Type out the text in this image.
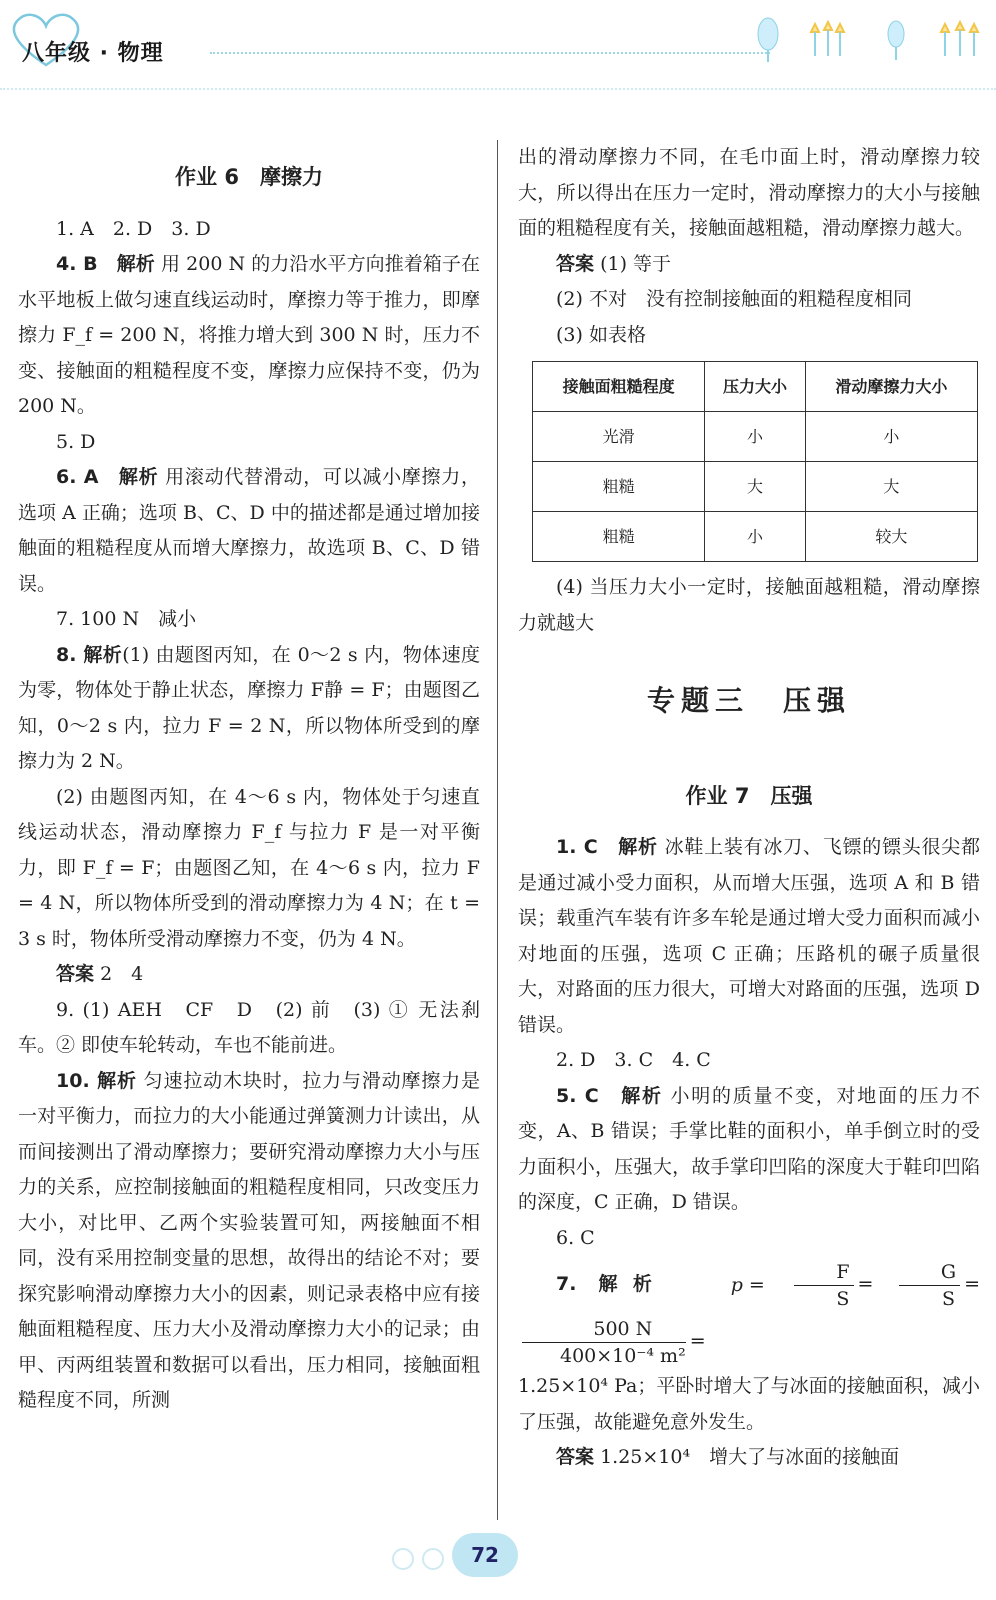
八年级 · 物理
作业 6　摩擦力

1. A　2. D　3. D

4. B　解析 用 200 N 的力沿水平方向推着箱子在水平地板上做匀速直线运动时，摩擦力等于推力，即摩擦力 F_f = 200 N，将推力增大到 300 N 时，压力不变、接触面的粗糙程度不变，摩擦力应保持不变，仍为 200 N。

5. D

6. A　解析 用滚动代替滑动，可以减小摩擦力，选项 A 正确；选项 B、C、D 中的描述都是通过增加接触面的粗糙程度从而增大摩擦力，故选项 B、C、D 错误。

7. 100 N　减小

8. 解析(1) 由题图丙知，在 0～2 s 内，物体速度为零，物体处于静止状态，摩擦力 F静 = F；由题图乙知，0～2 s 内，拉力 F = 2 N，所以物体所受到的摩擦力为 2 N。

(2) 由题图丙知，在 4～6 s 内，物体处于匀速直线运动状态，滑动摩擦力 F_f 与拉力 F 是一对平衡力，即 F_f = F；由题图乙知，在 4～6 s 内，拉力 F = 4 N，所以物体所受到的滑动摩擦力为 4 N；在 t = 3 s 时，物体所受滑动摩擦力不变，仍为 4 N。

答案 2　4

9. (1) AEH　CF　D　(2) 前　(3) ① 无法刹车。② 即使车轮转动，车也不能前进。

10. 解析 匀速拉动木块时，拉力与滑动摩擦力是一对平衡力，而拉力的大小能通过弹簧测力计读出，从而间接测出了滑动摩擦力；要研究滑动摩擦力大小与压力的关系，应控制接触面的粗糙程度相同，只改变压力大小，对比甲、乙两个实验装置可知，两接触面不相同，没有采用控制变量的思想，故得出的结论不对；要探究影响滑动摩擦力大小的因素，则记录表格中应有接触面粗糙程度、压力大小及滑动摩擦力大小的记录；由甲、丙两组装置和数据可以看出，压力相同，接触面粗糙程度不同，所测

出的滑动摩擦力不同，在毛巾面上时，滑动摩擦力较大，所以得出在压力一定时，滑动摩擦力的大小与接触面的粗糙程度有关，接触面越粗糙，滑动摩擦力越大。

答案 (1) 等于

(2) 不对　没有控制接触面的粗糙程度相同

(3) 如表格

接触面粗糙程度	压力大小	滑动摩擦力大小
光滑	小	小
粗糙	大	大
粗糙	小	较大

(4) 当压力大小一定时，接触面越粗糙，滑动摩擦力就越大

专题三　压强
作业 7　压强

1. C　解析 冰鞋上装有冰刀、飞镖的镖头很尖都是通过减小受力面积，从而增大压强，选项 A 和 B 错误；载重汽车装有许多车轮是通过增大受力面积而减小对地面的压强，选项 C 正确；压路机的碾子质量很大，对路面的压力很大，可增大对路面的压强，选项 D 错误。

2. D　3. C　4. C

5. C　解析 小明的质量不变，对地面的压力不变，A、B 错误；手掌比鞋的面积小，单手倒立时的受力面积小，压强大，故手掌印凹陷的深度大于鞋印凹陷的深度，C 正确，D 错误。

6. C

7. 解析	$p = \frac{F}{S} = \frac{G}{S}$ =
$\frac{500 N}{\text{400×10⁻⁴ m²}}$ =

1.25×10⁴ Pa；平卧时增大了与冰面的接触面积，减小了压强，故能避免意外发生。

答案 1.25×10⁴　增大了与冰面的接触面

72
